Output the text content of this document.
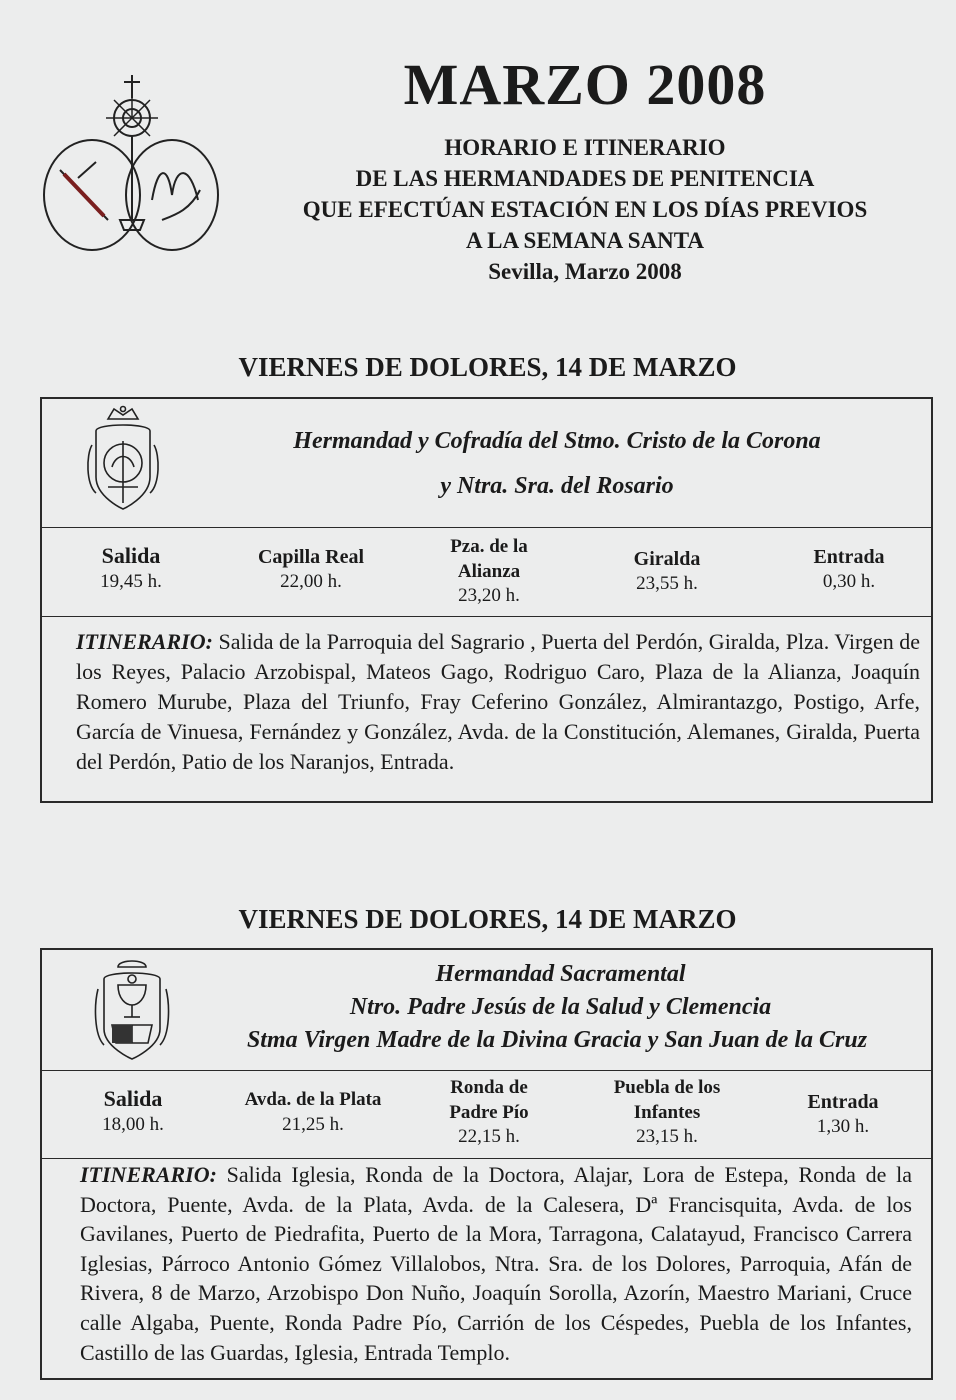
MARZO 2008
HORARIO E ITINERARIO
DE LAS HERMANDADES DE PENITENCIA
QUE EFECTÚAN ESTACIÓN EN LOS DÍAS PREVIOS
A LA SEMANA SANTA
Sevilla, Marzo 2008
VIERNES DE DOLORES, 14 DE MARZO
Hermandad y Cofradía del Stmo. Cristo de la Corona
y Ntra. Sra. del Rosario
Salida
19,45 h.
Capilla Real
22,00 h.
Pza. de la
Alianza
23,20 h.
Giralda
23,55 h.
Entrada
0,30 h.
ITINERARIO: Salida de la Parroquia del Sagrario , Puerta del Perdón, Giralda, Plza. Virgen de los Reyes, Palacio Arzobispal, Mateos Gago, Rodriguo Caro, Plaza de la Alianza, Joaquín Romero Murube, Plaza del Triunfo, Fray Ceferino González, Almirantazgo, Postigo, Arfe, García de Vinuesa, Fernández y González, Avda. de la Constitución, Alemanes, Giralda, Puerta del Perdón, Patio de los Naranjos, Entrada.
VIERNES DE DOLORES, 14 DE MARZO
Hermandad Sacramental
Ntro. Padre Jesús de la Salud y Clemencia
Stma Virgen Madre de la Divina Gracia y San Juan de la Cruz
Salida
18,00 h.
Avda. de la Plata
21,25 h.
Ronda de
Padre Pío
22,15 h.
Puebla de los
Infantes
23,15 h.
Entrada
1,30 h.
ITINERARIO: Salida Iglesia, Ronda de la Doctora, Alajar, Lora de Estepa, Ronda de la Doctora, Puente, Avda. de la Plata, Avda. de la Calesera, Dª Francisquita, Avda. de los Gavilanes, Puerto de Piedrafita, Puerto de la Mora, Tarragona, Calatayud, Francisco Carrera Iglesias, Párroco Antonio Gómez Villalobos, Ntra. Sra. de los Dolores, Parroquia, Afán de Rivera, 8 de Marzo, Arzobispo Don Nuño, Joaquín Sorolla, Azorín, Maestro Mariani, Cruce calle Algaba, Puente, Ronda Padre Pío, Carrión de los Céspedes, Puebla de los Infantes, Castillo de las Guardas, Iglesia, Entrada Templo.
